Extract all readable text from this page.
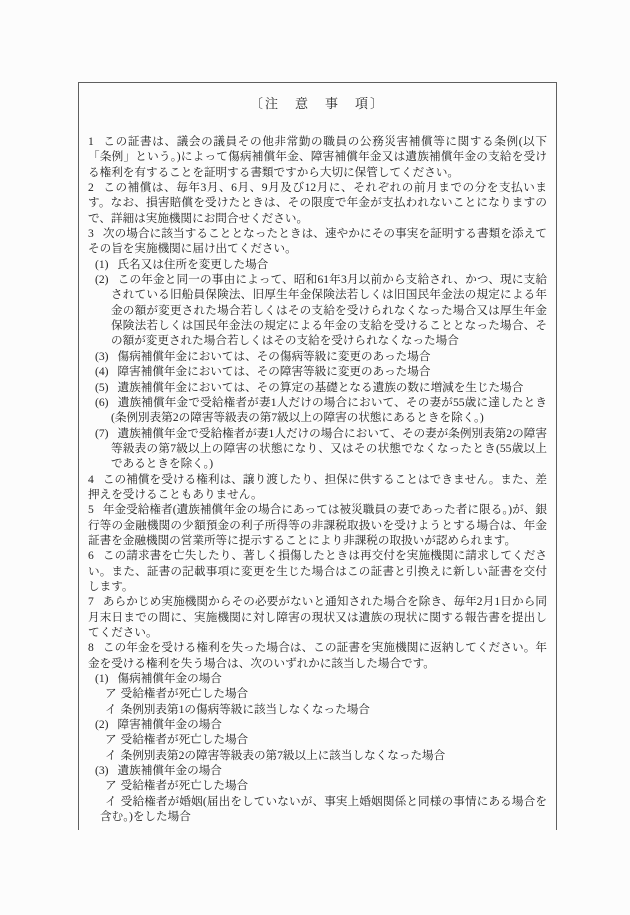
〔注　意　事　項〕
1 この証書は、議会の議員その他非常勤の職員の公務災害補償等に関する条例(以下「条例」という。)によって傷病補償年金、障害補償年金又は遺族補償年金の支給を受ける権利を有することを証明する書類ですから大切に保管してください。
2 この補償は、毎年3月、6月、9月及び12月に、それぞれの前月までの分を支払います。なお、損害賠償を受けたときは、その限度で年金が支払われないことになりますので、詳細は実施機関にお問合せください。
3 次の場合に該当することとなったときは、速やかにその事実を証明する書類を添えてその旨を実施機関に届け出てください。
(1) 氏名又は住所を変更した場合
(2) この年金と同一の事由によって、昭和61年3月以前から支給され、かつ、現に支給されている旧船員保険法、旧厚生年金保険法若しくは旧国民年金法の規定による年金の額が変更された場合若しくはその支給を受けられなくなった場合又は厚生年金保険法若しくは国民年金法の規定による年金の支給を受けることとなった場合、その額が変更された場合若しくはその支給を受けられなくなった場合
(3) 傷病補償年金においては、その傷病等級に変更のあった場合
(4) 障害補償年金においては、その障害等級に変更のあった場合
(5) 遺族補償年金においては、その算定の基礎となる遺族の数に増減を生じた場合
(6) 遺族補償年金で受給権者が妻1人だけの場合において、その妻が55歳に達したとき(条例別表第2の障害等級表の第7級以上の障害の状態にあるときを除く。)
(7) 遺族補償年金で受給権者が妻1人だけの場合において、その妻が条例別表第2の障害等級表の第7級以上の障害の状態になり、又はその状態でなくなったとき(55歳以上であるときを除く。)
4 この補償を受ける権利は、譲り渡したり、担保に供することはできません。また、差押えを受けることもありません。
5 年金受給権者(遺族補償年金の場合にあっては被災職員の妻であった者に限る。)が、銀行等の金融機関の少額預金の利子所得等の非課税取扱いを受けようとする場合は、年金証書を金融機関の営業所等に提示することにより非課税の取扱いが認められます。
6 この請求書を亡失したり、著しく損傷したときは再交付を実施機関に請求してください。また、証書の記載事項に変更を生じた場合はこの証書と引換えに新しい証書を交付します。
7 あらかじめ実施機関からその必要がないと通知された場合を除き、毎年2月1日から同月末日までの間に、実施機関に対し障害の現状又は遺族の現状に関する報告書を提出してください。
8 この年金を受ける権利を失った場合は、この証書を実施機関に返納してください。年金を受ける権利を失う場合は、次のいずれかに該当した場合です。
(1) 傷病補償年金の場合
ア 受給権者が死亡した場合
イ 条例別表第1の傷病等級に該当しなくなった場合
(2) 障害補償年金の場合
ア 受給権者が死亡した場合
イ 条例別表第2の障害等級表の第7級以上に該当しなくなった場合
(3) 遺族補償年金の場合
ア 受給権者が死亡した場合
イ 受給権者が婚姻(届出をしていないが、事実上婚姻関係と同様の事情にある場合を含む。)をした場合
